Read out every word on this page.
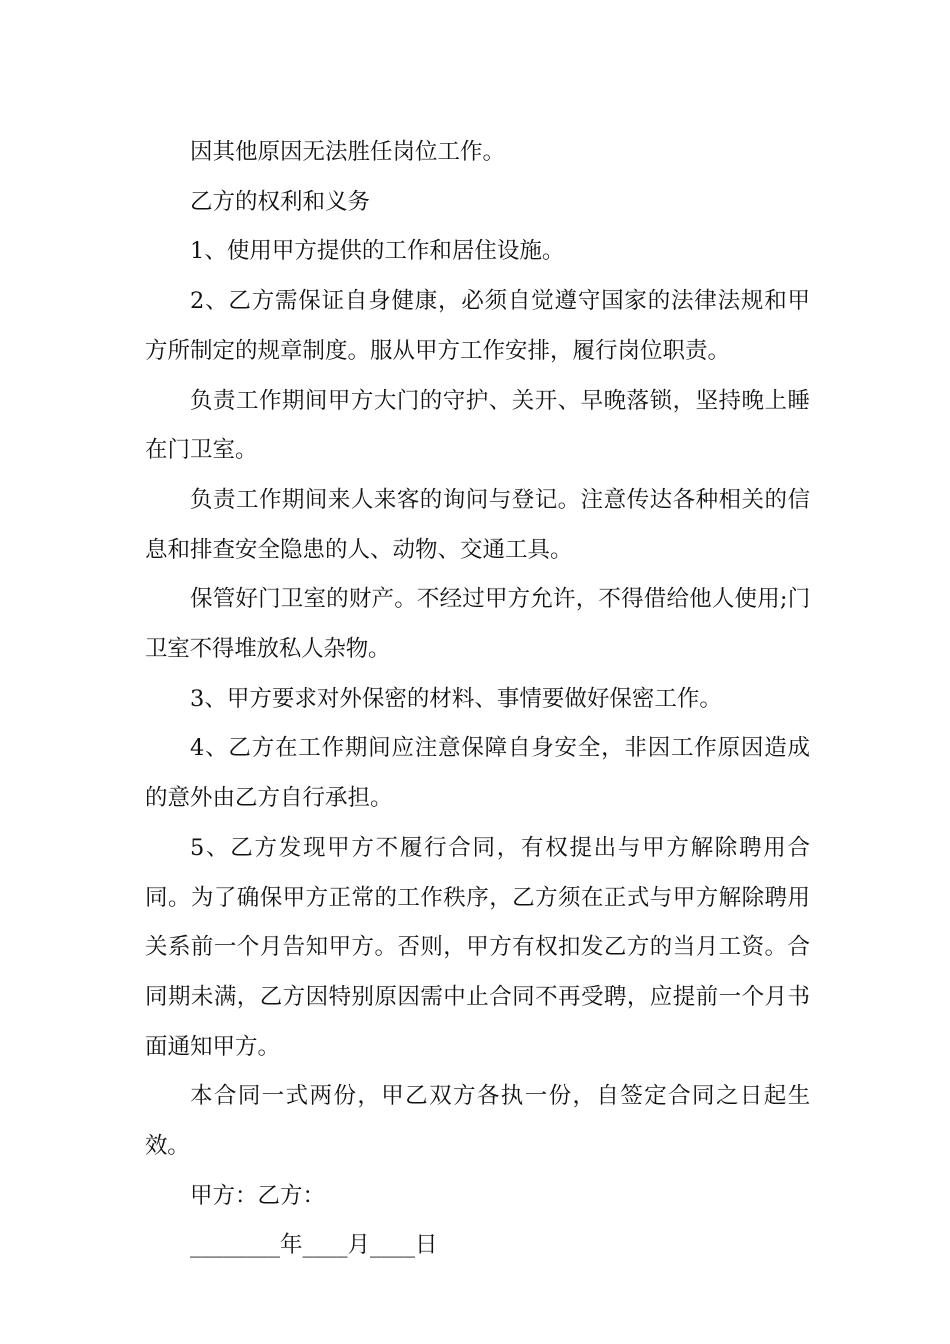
因其他原因无法胜任岗位工作。

乙方的权利和义务

1、使用甲方提供的工作和居住设施。

2、乙方需保证自身健康，必须自觉遵守国家的法律法规和甲方所制定的规章制度。服从甲方工作安排，履行岗位职责。

负责工作期间甲方大门的守护、关开、早晚落锁，坚持晚上睡在门卫室。

负责工作期间来人来客的询问与登记。注意传达各种相关的信息和排查安全隐患的人、动物、交通工具。

保管好门卫室的财产。不经过甲方允许，不得借给他人使用;门卫室不得堆放私人杂物。

3、甲方要求对外保密的材料、事情要做好保密工作。

4、乙方在工作期间应注意保障自身安全，非因工作原因造成的意外由乙方自行承担。

5、乙方发现甲方不履行合同，有权提出与甲方解除聘用合同。为了确保甲方正常的工作秩序，乙方须在正式与甲方解除聘用关系前一个月告知甲方。否则，甲方有权扣发乙方的当月工资。合同期未满，乙方因特别原因需中止合同不再受聘，应提前一个月书面通知甲方。

本合同一式两份，甲乙双方各执一份，自签定合同之日起生效。

甲方：乙方：

________年____月____日
